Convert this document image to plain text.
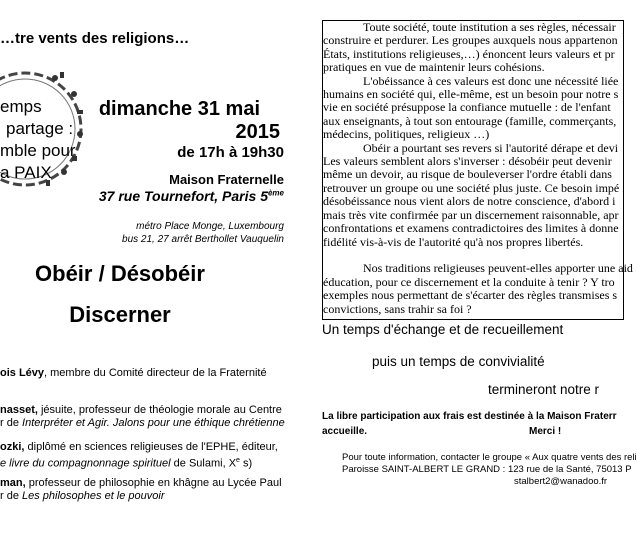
…tre vents des religions…
emps
partage :
mble pour
a PAIX
dimanche 31 mai
2015
de 17h à 19h30
Maison Fraternelle
37 rue Tournefort, Paris 5ème
métro Place Monge, Luxembourg
bus 21, 27 arrêt Berthollet Vauquelin
Obéir / Désobéir
Discerner
ois Lévy, membre du Comité directeur de la Fraternité
nasset, jésuite, professeur de théologie morale au Centre
r de Interpréter et Agir. Jalons pour une éthique chrétienne
ozki, diplômé en sciences religieuses de l'EPHE, éditeur,
e livre du compagnonnage spirituel de Sulami, Xe s)
man, professeur de philosophie en khâgne au Lycée Paul
r de Les philosophes et le pouvoir

Toute société, toute institution a ses règles, nécessair

construire et perdurer. Les groupes auxquels nous appartenon

États, institutions religieuses,…) énoncent leurs valeurs et pr

pratiques en vue de maintenir leurs cohésions.

L'obéissance à ces valeurs est donc une nécessité liée

humains en société qui, elle-même, est un besoin pour notre s

vie en société présuppose la confiance mutuelle : de l'enfant

aux enseignants, à tout son entourage (famille, commerçants,

médecins, politiques, religieux …)

Obéir a pourtant ses revers si l'autorité dérape et devi

Les valeurs semblent alors s'inverser : désobéir peut devenir

même un devoir, au risque de bouleverser l'ordre établi dans

retrouver un groupe ou une société plus juste. Ce besoin impé

désobéissance nous vient alors de notre conscience, d'abord i

mais très vite confirmée par un discernement raisonnable, apr

confrontations et examens contradictoires des limites à donne

fidélité vis-à-vis de l'autorité qu'à nos propres libertés.

Nos traditions religieuses peuvent-elles apporter une aid

éducation, pour ce discernement et la conduite à tenir ? Y tro

exemples nous permettant de s'écarter des règles transmises s

convictions, sans trahir sa foi ?

Un temps d'échange et de recueillement
puis un temps de convivialité
termineront notre r
La libre participation aux frais est destinée à la Maison Fraterr
accueille.	Merci !
Pour toute information, contacter le groupe « Aux quatre vents des reli
Paroisse SAINT-ALBERT LE GRAND : 123 rue de la Santé, 75013 P
stalbert2@wanadoo.fr
